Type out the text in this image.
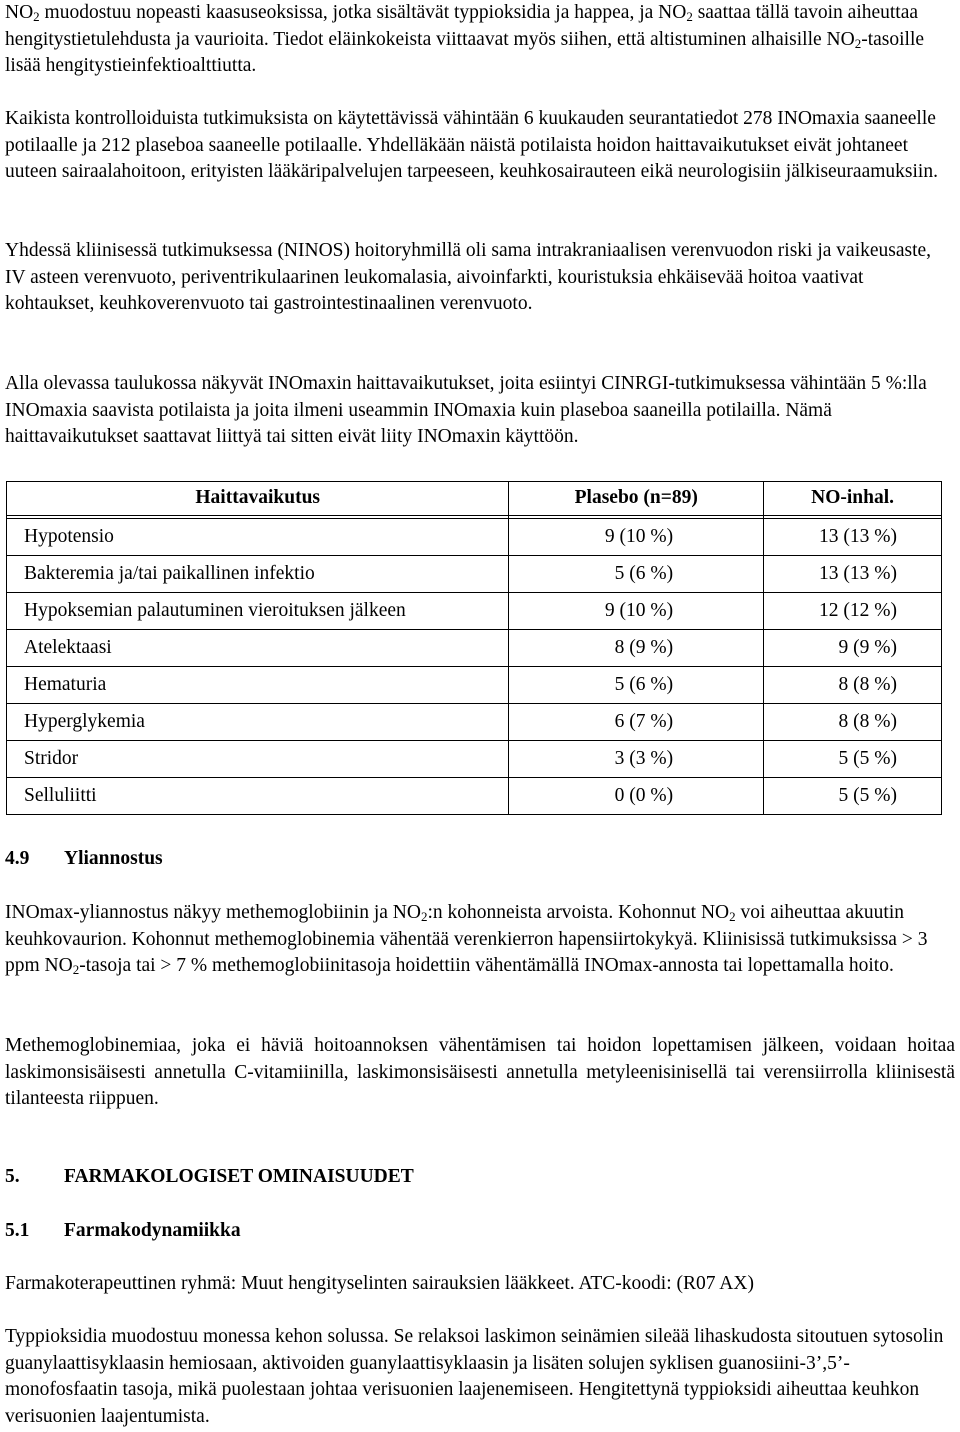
$NO_2$ muodostuu nopeasti kaasuseoksissa, jotka sisältävät typpioksidia ja happea, ja $NO_2$ saattaa tällä tavoin aiheuttaa hengitystietulehdusta ja vaurioita. Tiedot eläinkokeista viittaavat myös siihen, että altistuminen alhaisille $NO_2$-tasoille lisää hengitystieinfektioalttiutta.

Kaikista kontrolloiduista tutkimuksista on käytettävissä vähintään 6 kuukauden seurantatiedot 278 INOmaxia saaneelle potilaalle ja 212 plaseboa saaneelle potilaalle. Yhdelläkään näistä potilaista hoidon haittavaikutukset eivät johtaneet uuteen sairaalahoitoon, erityisten lääkäripalvelujen tarpeeseen, keuhkosairauteen eikä neurologisiin jälkiseuraamuksiin.

Yhdessä kliinisessä tutkimuksessa (NINOS) hoitoryhmillä oli sama intrakraniaalisen verenvuodon riski ja vaikeusaste, IV asteen verenvuoto, periventrikulaarinen leukomalasia, aivoinfarkti, kouristuksia ehkäisevää hoitoa vaativat kohtaukset, keuhkoverenvuoto tai gastrointestinaalinen verenvuoto.

Alla olevassa taulukossa näkyvät INOmaxin haittavaikutukset, joita esiintyi CINRGI-tutkimuksessa vähintään 5 %:lla INOmaxia saavista potilaista ja joita ilmeni useammin INOmaxia kuin plaseboa saaneilla potilailla. Nämä haittavaikutukset saattavat liittyä tai sitten eivät liity INOmaxin käyttöön.

Haittavaikutus	Plasebo (n=89)	NO-inhal.

Hypotensio	9 (10 %)	13 (13 %)
Bakteremia ja/tai paikallinen infektio	5 (6 %)	13 (13 %)
Hypoksemian palautuminen vieroituksen jälkeen	9 (10 %)	12 (12 %)
Atelektaasi	8 (9 %)	9 (9 %)
Hematuria	5 (6 %)	8 (8 %)
Hyperglykemia	6 (7 %)	8 (8 %)
Stridor	3 (3 %)	5 (5 %)
Selluliitti	0 (0 %)	5 (5 %)
4.9 Yliannostus

INOmax-yliannostus näkyy methemoglobiinin ja $NO_2:n$ kohonneista arvoista. Kohonnut $NO_2$ voi aiheuttaa akuutin keuhkovaurion. Kohonnut methemoglobinemia vähentää verenkierron hapensiirtokykyä. Kliinisissä tutkimuksissa > 3 ppm $NO_2$-tasoja tai > 7 % methemoglobiinitasoja hoidettiin vähentämällä INOmax-annosta tai lopettamalla hoito.

Methemoglobinemiaa, joka ei häviä hoitoannoksen vähentämisen tai hoidon lopettamisen jälkeen, voidaan hoitaa laskimonsisäisesti annetulla C-vitamiinilla, laskimonsisäisesti annetulla metyleenisinisellä tai verensiirrolla kliinisestä tilanteesta riippuen.

5. FARMAKOLOGISET OMINAISUUDET
5.1 Farmakodynamiikka

Farmakoterapeuttinen ryhmä: Muut hengityselinten sairauksien lääkkeet. ATC-koodi: (R07 AX)

Typpioksidia muodostuu monessa kehon solussa. Se relaksoi laskimon seinämien sileää lihaskudosta sitoutuen sytosolin guanylaattisyklaasin hemiosaan, aktivoiden guanylaattisyklaasin ja lisäten solujen syklisen guanosiini-3’,5’-monofosfaatin tasoja, mikä puolestaan johtaa verisuonien laajenemiseen. Hengitettynä typpioksidi aiheuttaa keuhkon verisuonien laajentumista.
